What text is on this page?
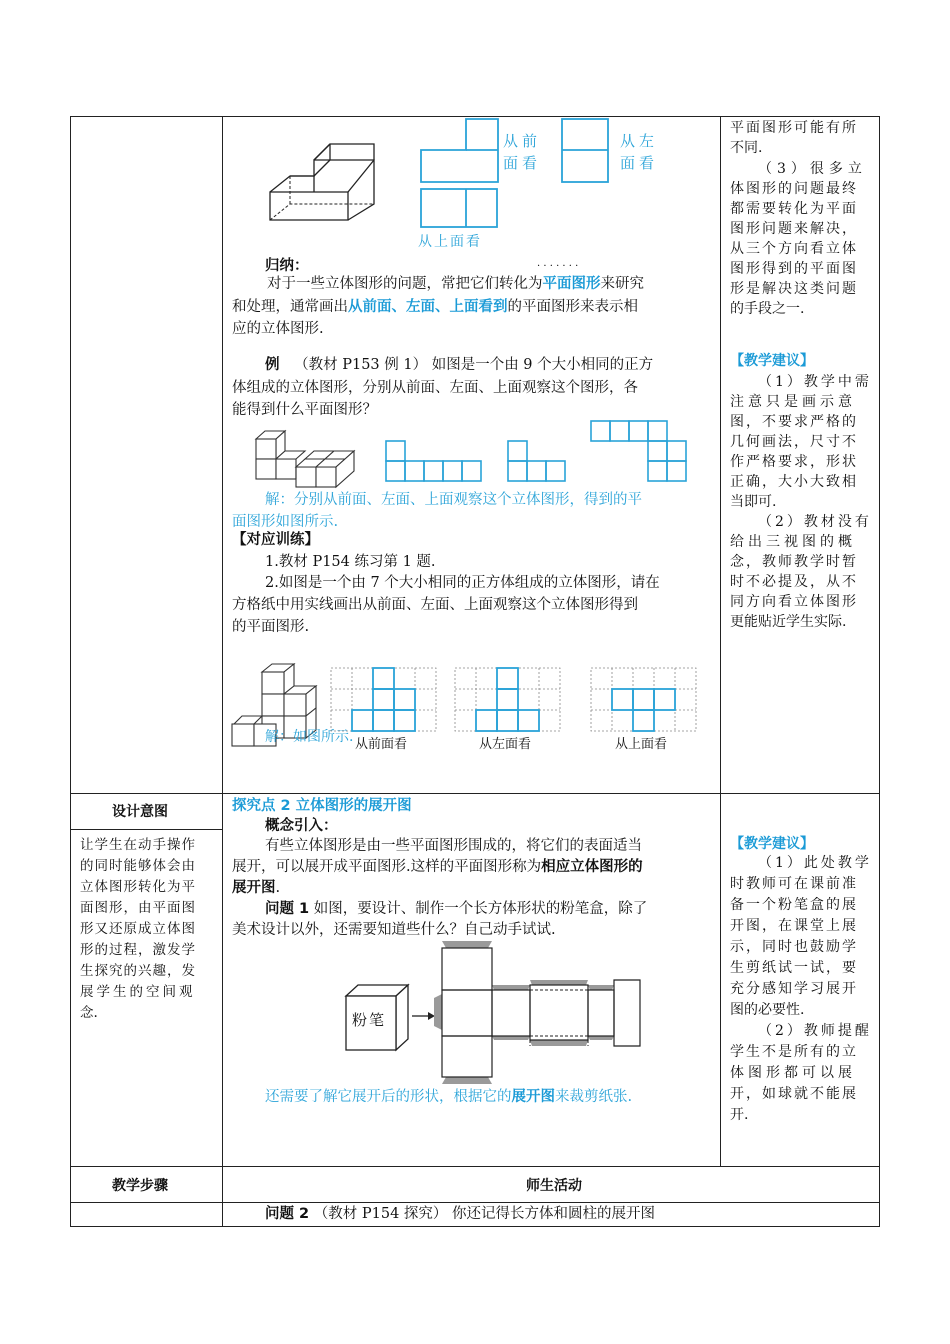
从前
面看
从左
面看
从上面看
归纳：	· · · · · · ·
对于一些立体图形的问题，常把它们转化为平面图形来研究
和处理，通常画出从前面、左面、上面看到的平面图形来表示相
应的立体图形.
例 （教材 P153 例 1） 如图是一个由 9 个大小相同的正方
体组成的立体图形，分别从前面、左面、上面观察这个图形，各
能得到什么平面图形？
解：分别从前面、左面、上面观察这个立体图形，得到的平
面图形如图所示.
【对应训练】
1.教材 P154 练习第 1 题.
2.如图是一个由 7 个大小相同的正方体组成的立体图形，请在
方格纸中用实线画出从前面、左面、上面观察这个立体图形得到
的平面图形.
解：如图所示. 从前面看	从左面看	从上面看
平面图形可能有所
不同.
（3）很多立
体图形的问题最终
都需要转化为平面
图形问题来解决，
从三个方向看立体
图形得到的平面图
形是解决这类问题
的手段之一.
【教学建议】
（1）教学中需
注意只是画示意
图，不要求严格的
几何画法，尺寸不
作严格要求，形状
正确，大小大致相
当即可.
（2）教材没有
给出三视图的概
念，教师教学时暂
时不必提及，从不
同方向看立体图形
更能贴近学生实际.
设计意图
让学生在动手操作
的同时能够体会由
立体图形转化为平
面图形，由平面图
形又还原成立体图
形的过程，激发学
生探究的兴趣，发
展学生的空间观
念.
探究点 2 立体图形的展开图
概念引入：
有些立体图形是由一些平面图形围成的，将它们的表面适当
展开，可以展开成平面图形.这样的平面图形称为相应立体图形的
展开图.
问题 1 如图，要设计、制作一个长方体形状的粉笔盒，除了
美术设计以外，还需要知道些什么？自己动手试试.
粉笔
还需要了解它展开后的形状，根据它的展开图来裁剪纸张.
【教学建议】
（1）此处教学
时教师可在课前准
备一个粉笔盒的展
开图，在课堂上展
示，同时也鼓励学
生剪纸试一试，要
充分感知学习展开
图的必要性.
（2）教师提醒
学生不是所有的立
体图形都可以展
开，如球就不能展
开.
教学步骤	师生活动
问题 2 （教材 P154 探究） 你还记得长方体和圆柱的展开图
